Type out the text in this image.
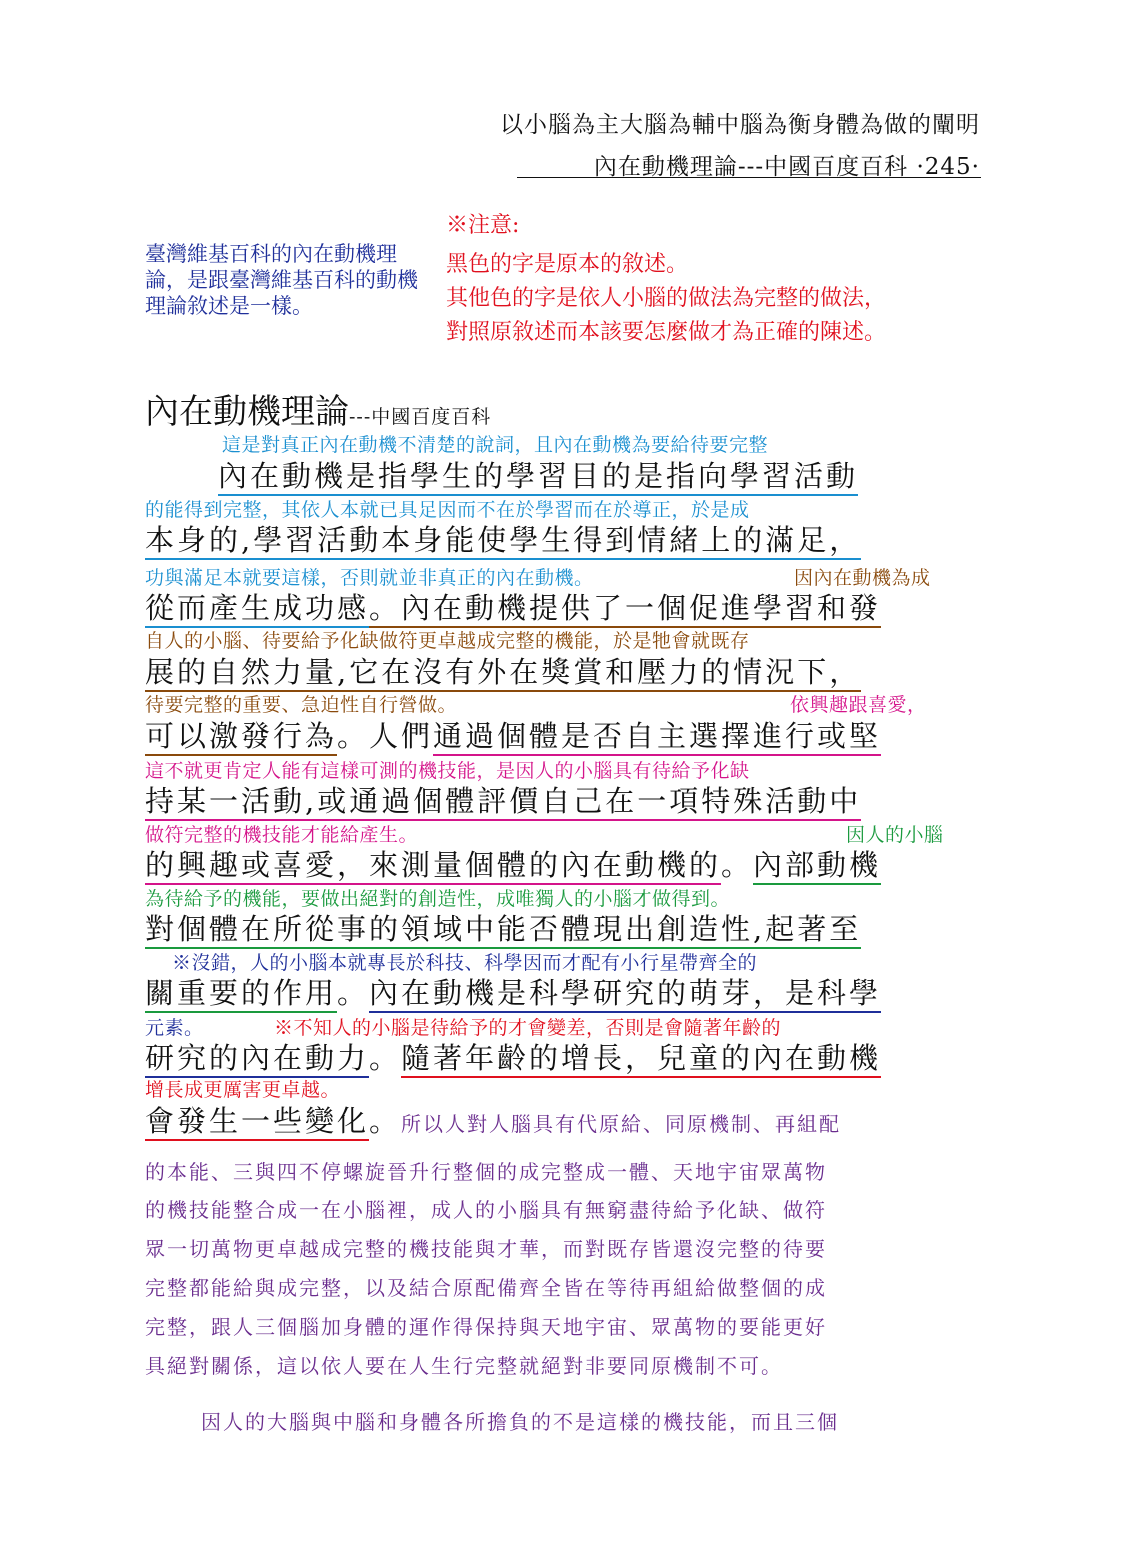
以小腦為主大腦為輔中腦為衡身體為做的闡明
內在動機理論---中國百度百科 ·245·
臺灣維基百科的內在動機理論，是跟臺灣維基百科的動機理論敘述是一樣。
※注意:
黑色的字是原本的敘述。
其他色的字是依人小腦的做法為完整的做法，
對照原敘述而本該要怎麼做才為正確的陳述。
內在動機理論---中國百度百科
這是對真正內在動機不清楚的說詞，且內在動機為要給待要完整
內在動機是指學生的學習目的是指向學習活動
的能得到完整，其依人本就已具足因而不在於學習而在於導正，於是成
本身的,學習活動本身能使學生得到情緒上的滿足，
功與滿足本就要這樣，否則就並非真正的內在動機。	因內在動機為成
從而產生成功感。內在動機提供了一個促進學習和發
自人的小腦、待要給予化缺做符更卓越成完整的機能，於是牠會就既存
展的自然力量,它在沒有外在獎賞和壓力的情況下，
待要完整的重要、急迫性自行營做。	依興趣跟喜愛，
可以激發行為。人們通過個體是否自主選擇進行或堅
這不就更肯定人能有這樣可測的機技能，是因人的小腦具有待給予化缺
持某一活動,或通過個體評價自己在一項特殊活動中
做符完整的機技能才能給產生。	因人的小腦
的興趣或喜愛，來測量個體的內在動機的。內部動機
為待給予的機能，要做出絕對的創造性，成唯獨人的小腦才做得到。
對個體在所從事的領域中能否體現出創造性,起著至
※沒錯，人的小腦本就專長於科技、科學因而才配有小行星帶齊全的
關重要的作用。內在動機是科學研究的萌芽，是科學
元素。	※不知人的小腦是待給予的才會變差，否則是會隨著年齡的
研究的內在動力。隨著年齡的增長，兒童的內在動機
增長成更厲害更卓越。
會發生一些變化。所以人對人腦具有代原給、同原機制、再組配
的本能、三與四不停螺旋晉升行整個的成完整成一體、天地宇宙眾萬物
的機技能整合成一在小腦裡，成人的小腦具有無窮盡待給予化缺、做符
眾一切萬物更卓越成完整的機技能與才華，而對既存皆還沒完整的待要
完整都能給與成完整，以及結合原配備齊全皆在等待再組給做整個的成
完整，跟人三個腦加身體的運作得保持與天地宇宙、眾萬物的要能更好
具絕對關係，這以依人要在人生行完整就絕對非要同原機制不可。
因人的大腦與中腦和身體各所擔負的不是這樣的機技能，而且三個
